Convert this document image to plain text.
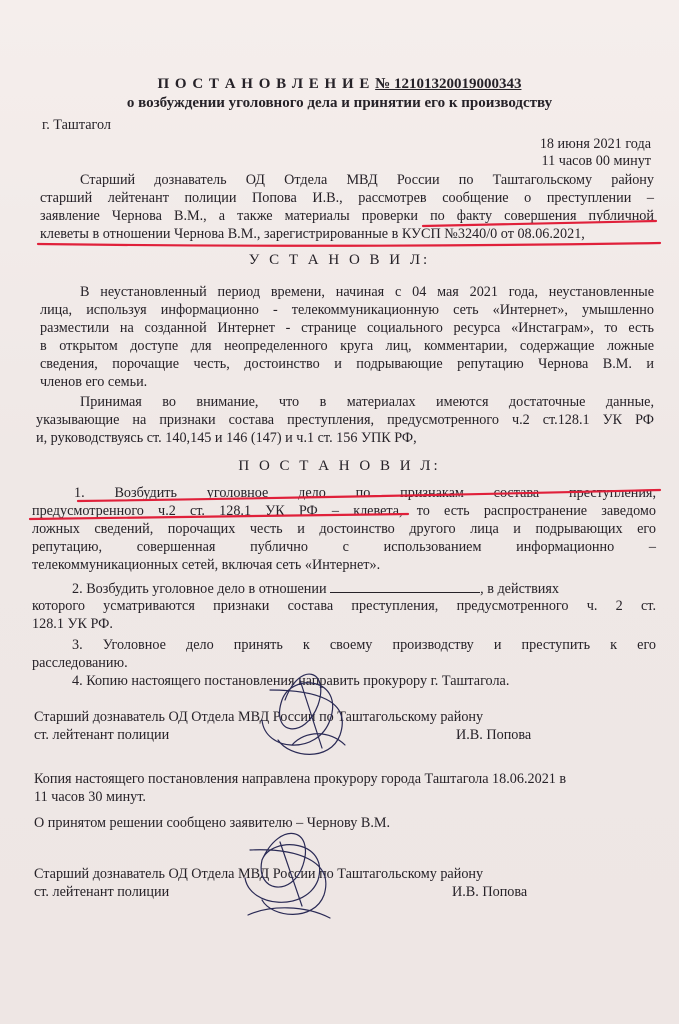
П О С Т А Н О В Л Е Н И Е № 12101320019000343
о возбуждении уголовного дела и принятии его к производству
г. Таштагол
18 июня 2021 года
11 часов 00 минут
Старший дознаватель ОД Отдела МВД России по Таштагольскому району
старший лейтенант полиции Попова И.В., рассмотрев сообщение о преступлении –
заявление Чернова В.М., а также материалы проверки по факту совершения публичной
клеветы в отношении Чернова В.М., зарегистрированные в КУСП №3240/0 от 08.06.2021,
У С Т А Н О В И Л:
В неустановленный период времени, начиная с 04 мая 2021 года, неустановленные
лица, используя информационно - телекоммуникационную сеть «Интернет», умышленно
разместили на созданной Интернет - странице социального ресурса «Инстаграм», то есть
в открытом доступе для неопределенного круга лиц, комментарии, содержащие ложные
сведения, порочащие честь, достоинство и подрывающие репутацию Чернова В.М. и
членов его семьи.
Принимая во внимание, что в материалах имеются достаточные данные,
указывающие на признаки состава преступления, предусмотренного ч.2 ст.128.1 УК РФ
и, руководствуясь ст. 140,145 и 146 (147) и ч.1 ст. 156 УПК РФ,
П О С Т А Н О В И Л:
1. Возбудить уголовное дело по признакам состава преступления,
предусмотренного ч.2 ст. 128.1 УК РФ – клевета, то есть распространение заведомо
ложных сведений, порочащих честь и достоинство другого лица и подрывающих его
репутацию, совершенная публично с использованием информационно –
телекоммуникационных сетей, включая сеть «Интернет».
2. Возбудить уголовное дело в отношении	, в действиях
которого усматриваются признаки состава преступления, предусмотренного ч. 2 ст.
128.1 УК РФ.
3. Уголовное дело принять к своему производству и преступить к его
расследованию.
4. Копию настоящего постановления направить прокурору г. Таштагола.
Старший дознаватель ОД Отдела МВД России по Таштагольскому району
ст. лейтенант полиции	И.В. Попова
Копия настоящего постановления направлена прокурору города Таштагола 18.06.2021 в
11 часов 30 минут.
О принятом решении сообщено заявителю – Чернову В.М.
Старший дознаватель ОД Отдела МВД России по Таштагольскому району
ст. лейтенант полиции	И.В. Попова
